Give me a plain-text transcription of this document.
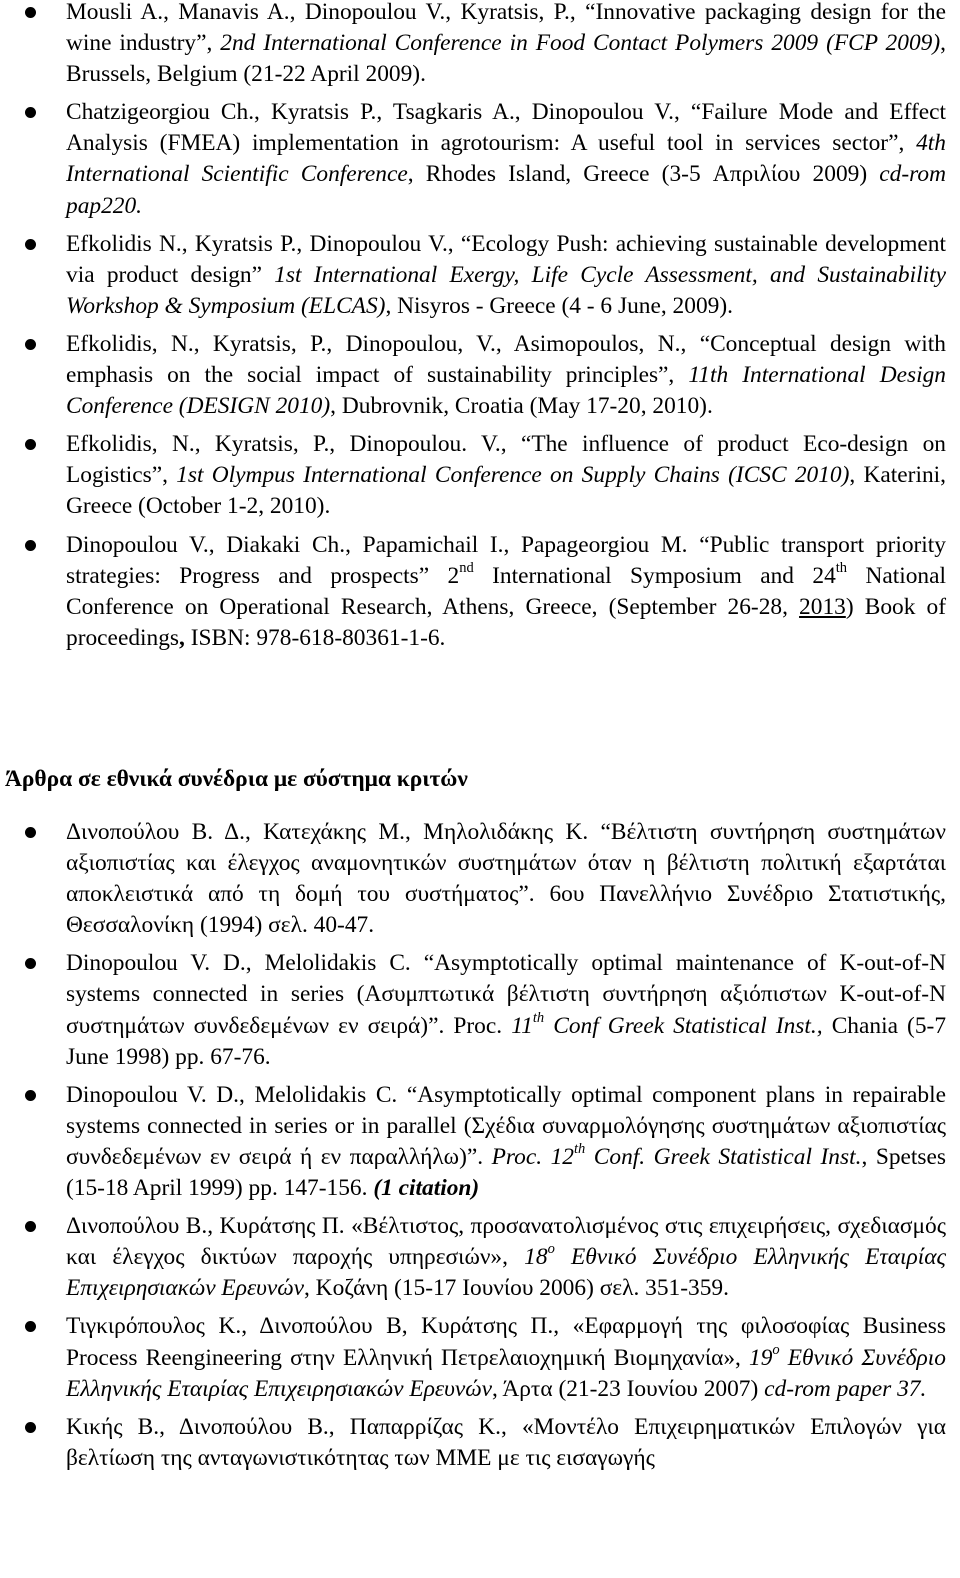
Mousli A., Manavis A., Dinopoulou V., Kyratsis, P., “Innovative packaging design for the wine industry”, 2nd International Conference in Food Contact Polymers 2009 (FCP 2009), Brussels, Belgium (21-22 April 2009).
Chatzigeorgiou Ch., Kyratsis P., Tsagkaris A., Dinopoulou V., “Failure Mode and Effect Analysis (FMEA) implementation in agrotourism: A useful tool in services sector”, 4th International Scientific Conference, Rhodes Island, Greece (3-5 Απριλίου 2009) cd-rom pap220.
Efkolidis N., Kyratsis P., Dinopoulou V., “Ecology Push: achieving sustainable development via product design” 1st International Exergy, Life Cycle Assessment, and Sustainability Workshop & Symposium (ELCAS), Nisyros - Greece (4 - 6 June, 2009).
Efkolidis, N., Kyratsis, P., Dinopoulou, V., Asimopoulos, N., “Conceptual design with emphasis on the social impact of sustainability principles”, 11th International Design Conference (DESIGN 2010), Dubrovnik, Croatia (May 17-20, 2010).
Efkolidis, N., Kyratsis, P., Dinopoulou. V., “The influence of product Eco-design on Logistics”, 1st Olympus International Conference on Supply Chains (ICSC 2010), Katerini, Greece (October 1-2, 2010).
Dinopoulou V., Diakaki Ch., Papamichail I., Papageorgiou M. “Public transport priority strategies: Progress and prospects” 2nd International Symposium and 24th National Conference on Operational Research, Athens, Greece, (September 26-28, 2013) Book of proceedings, ISBN: 978-618-80361-1-6.
Άρθρα σε εθνικά συνέδρια με σύστημα κριτών
Δινοπούλου Β. Δ., Κατεχάκης Μ., Μηλολιδάκης Κ. “Βέλτιστη συντήρηση συστημάτων αξιοπιστίας και έλεγχος αναμονητικών συστημάτων όταν η βέλτιστη πολιτική εξαρτάται αποκλειστικά από τη δομή του συστήματος”. 6ου Πανελλήνιο Συνέδριο Στατιστικής, Θεσσαλονίκη (1994) σελ. 40-47.
Dinopoulou V. D., Melolidakis C. “Asymptotically optimal maintenance of K-out-of-N systems connected in series (Ασυμπτωτικά βέλτιστη συντήρηση αξιόπιστων K-out-of-N συστημάτων συνδεδεμένων εν σειρά)”. Proc. 11th Conf Greek Statistical Inst., Chania (5-7 June 1998) pp. 67-76.
Dinopoulou V. D., Melolidakis C. “Asymptotically optimal component plans in repairable systems connected in series or in parallel (Σχέδια συναρμολόγησης συστημάτων αξιοπιστίας συνδεδεμένων εν σειρά ή εν παραλλήλω)”. Proc. 12th Conf. Greek Statistical Inst., Spetses (15-18 April 1999) pp. 147-156. (1 citation)
Δινοπούλου Β., Κυράτσης Π. «Βέλτιστος, προσανατολισμένος στις επιχειρήσεις, σχεδιασμός και έλεγχος δικτύων παροχής υπηρεσιών», $18^o$ Εθνικό Συνέδριο Ελληνικής Εταιρίας Επιχειρησιακών Ερευνών, Κοζάνη (15-17 Ιουνίου 2006) σελ. 351-359.
Τιγκιρόπουλος Κ., Δινοπούλου Β, Κυράτσης Π., «Εφαρμογή της φιλοσοφίας Business Process Reengineering στην Ελληνική Πετρελαιοχημική Βιομηχανία», $19^o$ Εθνικό Συνέδριο Ελληνικής Εταιρίας Επιχειρησιακών Ερευνών, Άρτα (21-23 Ιουνίου 2007) cd-rom paper 37.
Κικής Β., Δινοπούλου Β., Παπαρρίζας Κ., «Μοντέλο Επιχειρηματικών Επιλογών για βελτίωση της ανταγωνιστικότητας των ΜΜΕ με τις εισαγωγής
